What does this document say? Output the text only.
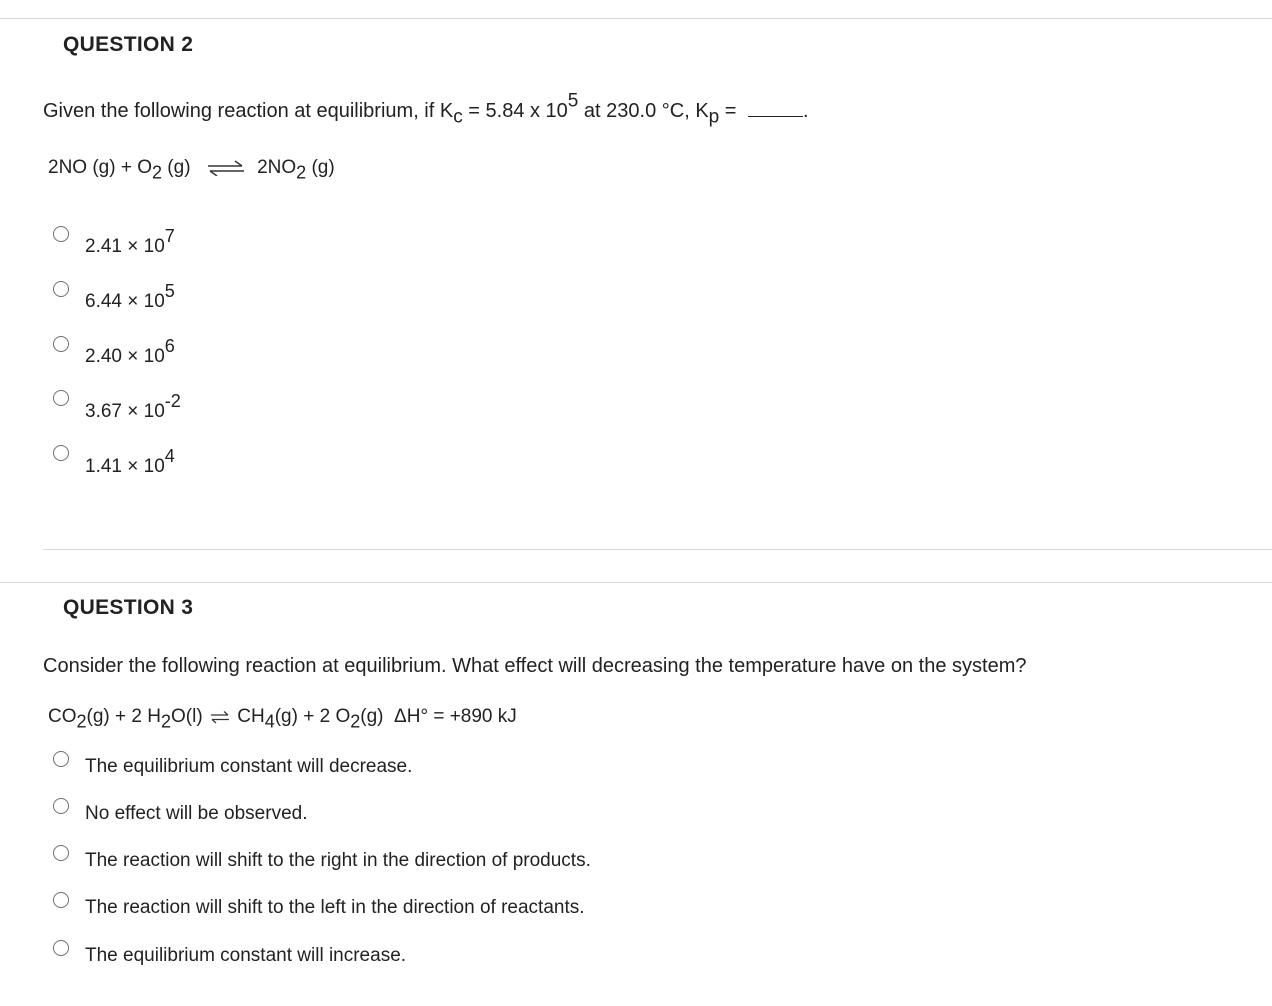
QUESTION 2
Given the following reaction at equilibrium, if $K_c = 5.84$ x $10^5$ at 230.0 °C, $K_p$ =	.
2NO $(g) + O_2$ (g) ⇌ $2NO_2$ (g)
$2.41 \times 10^7$
$6.44 \times 10^5$
$2.40 \times 10^6$
$3.67 \times 10^{-2}$
$1.41 \times 10^4$
QUESTION 3
Consider the following reaction at equilibrium. What effect will decreasing the temperature have on the system?
$CO_2(g) + 2$ $H_2O(l)$ ⇌ $CH_4(g) + 2$ $O_2(g) \Delta H^\circ = +890$ kJ
The equilibrium constant will decrease.
No effect will be observed.
The reaction will shift to the right in the direction of products.
The reaction will shift to the left in the direction of reactants.
The equilibrium constant will increase.
